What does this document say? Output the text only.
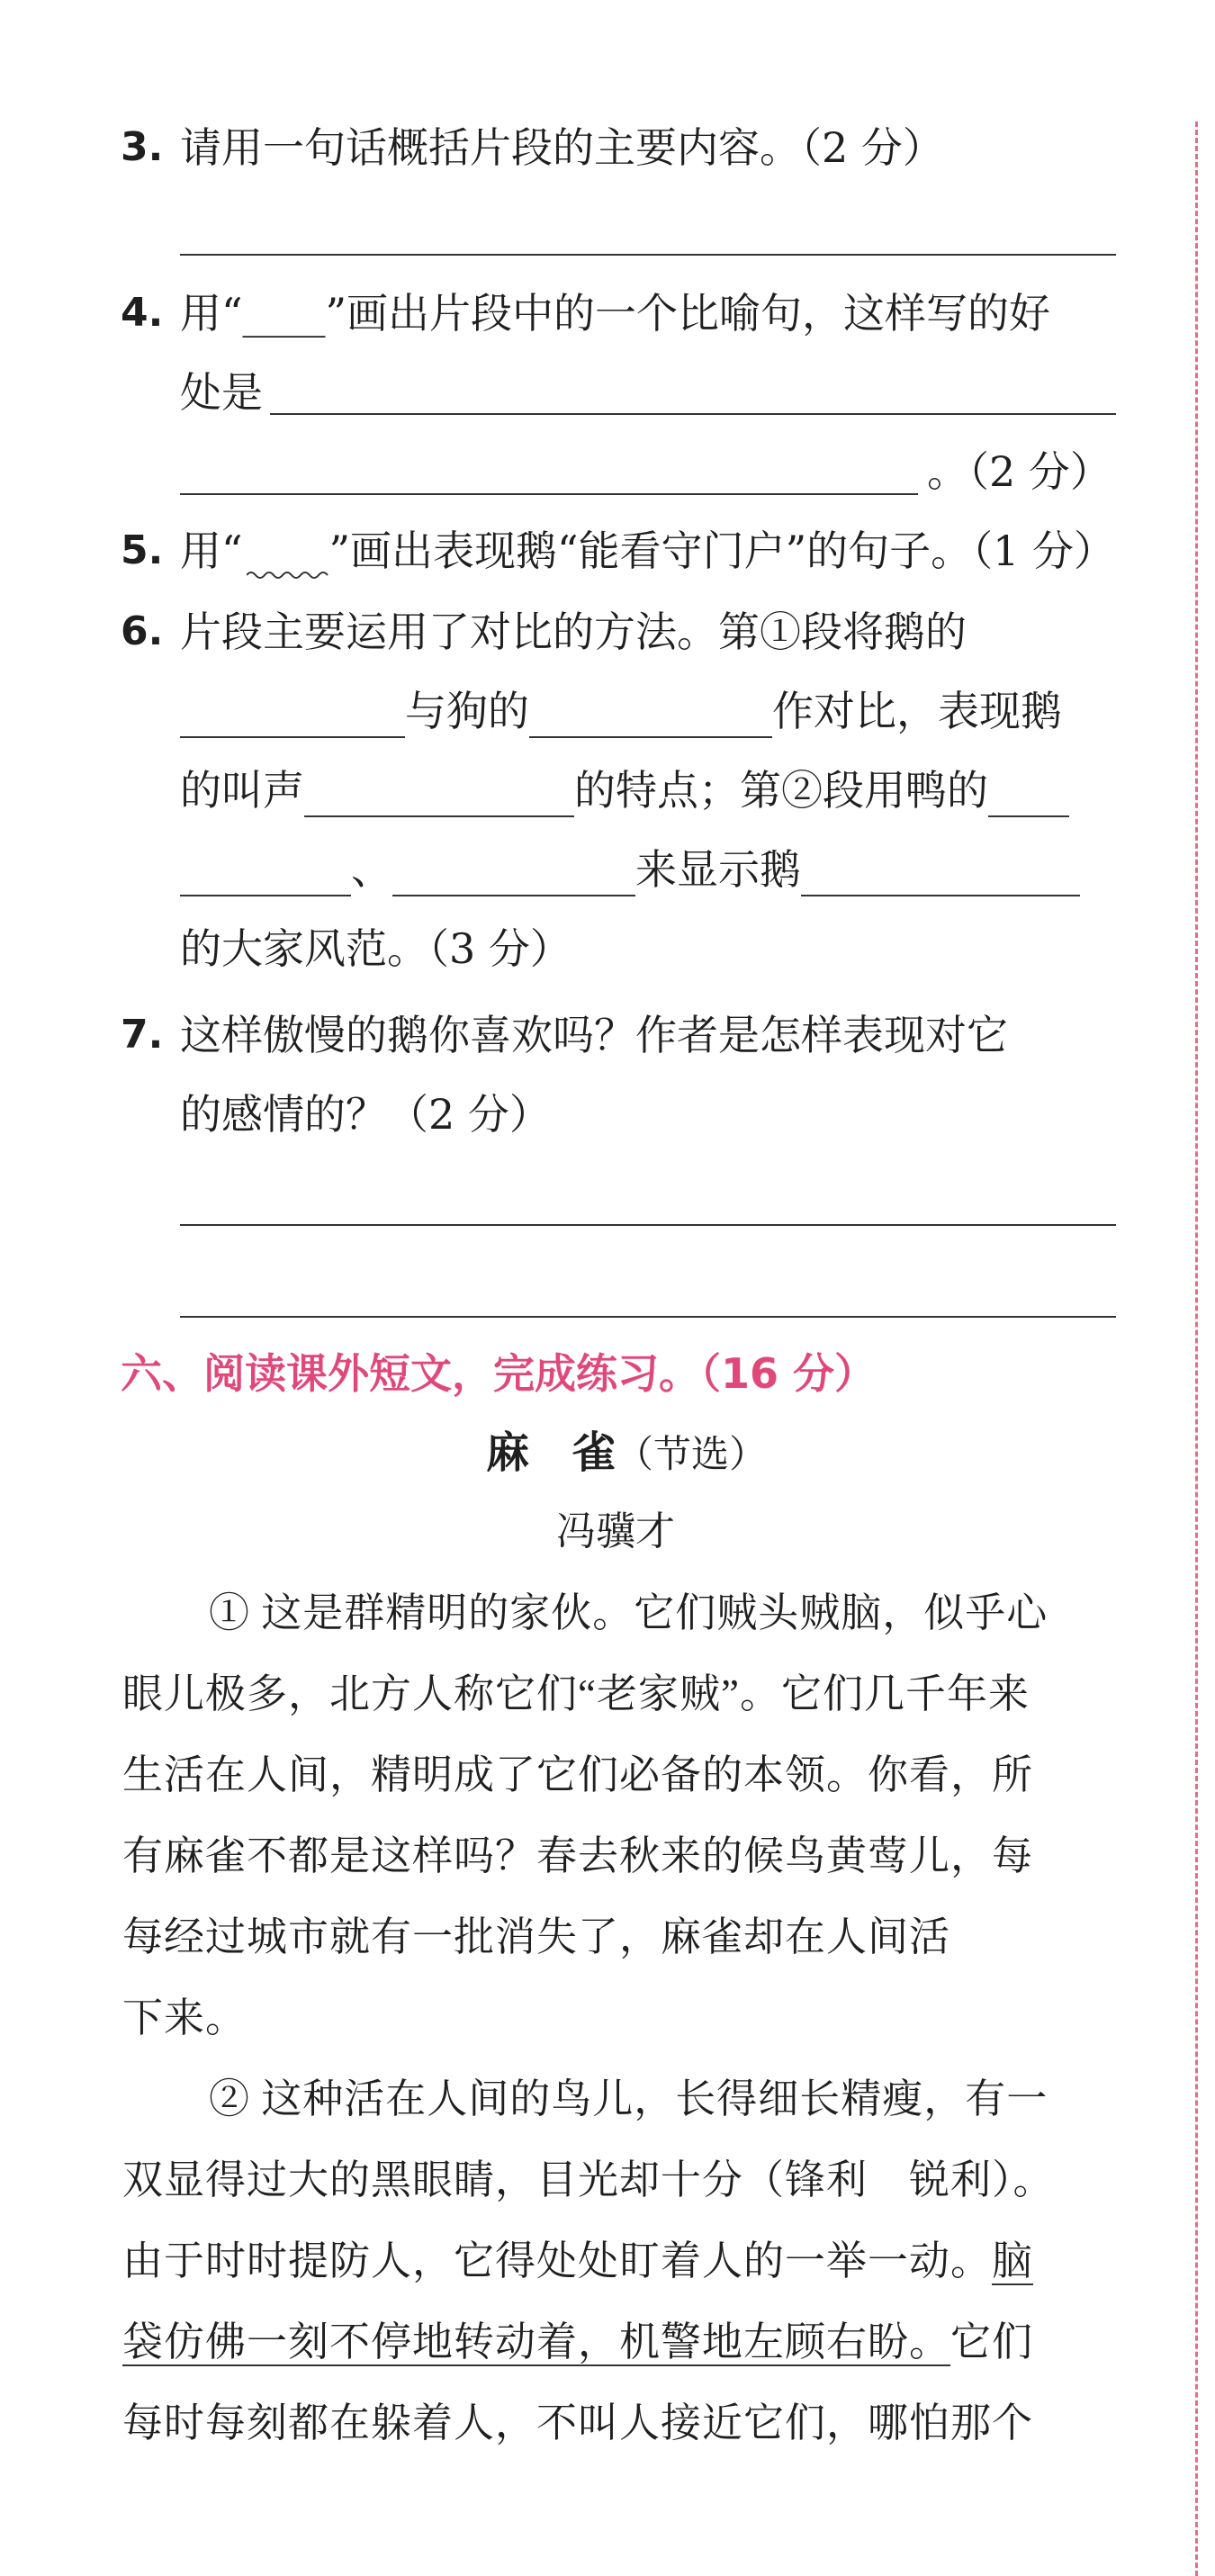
3. 请用一句话概括片段的主要内容。（2 分）
4. 用“____”画出片段中的一个比喻句，这样写的好
处是
。（2 分）
5. 用“ ”画出表现鹅“能看守门户”的句子。（1 分）
6. 片段主要运用了对比的方法。第①段将鹅的
与狗的	作对比，表现鹅
的叫声	的特点；第②段用鸭的
、	来显示鹅
的大家风范。（3 分）
7. 这样傲慢的鹅你喜欢吗？作者是怎样表现对它
的感情的？（2 分）
六、阅读课外短文，完成练习。（16 分）
麻　雀（节选）
冯骥才
① 这是群精明的家伙。它们贼头贼脑，似乎心
眼儿极多，北方人称它们“老家贼”。它们几千年来
生活在人间，精明成了它们必备的本领。你看，所
有麻雀不都是这样吗？春去秋来的候鸟黄莺儿，每
每经过城市就有一批消失了，麻雀却在人间活
下来。
② 这种活在人间的鸟儿，长得细长精瘦，有一
双显得过大的黑眼睛，目光却十分（锋利　锐利）。
由于时时提防人，它得处处盯着人的一举一动。脑
袋仿佛一刻不停地转动着，机警地左顾右盼。它们
每时每刻都在躲着人，不叫人接近它们，哪怕那个
